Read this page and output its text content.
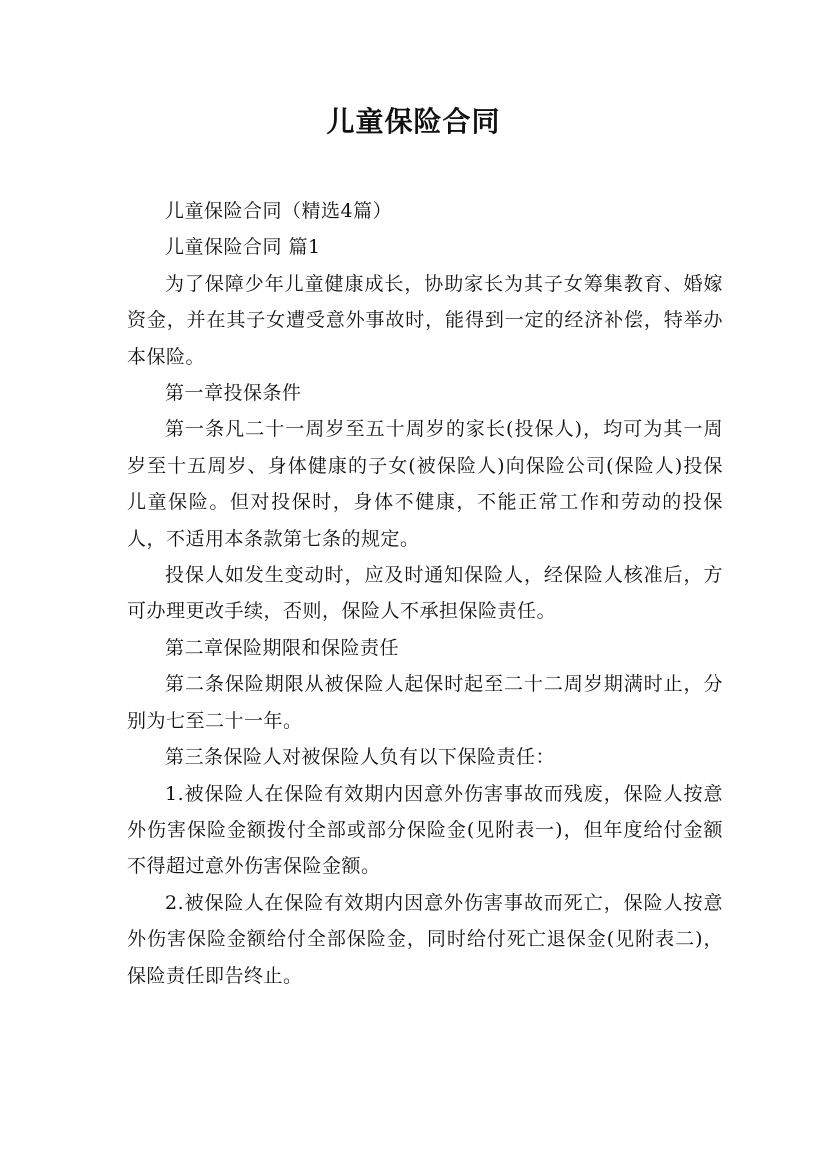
儿童保险合同

儿童保险合同（精选4篇）

儿童保险合同 篇1

为了保障少年儿童健康成长，协助家长为其子女筹集教育、婚嫁资金，并在其子女遭受意外事故时，能得到一定的经济补偿，特举办本保险。

第一章投保条件

第一条凡二十一周岁至五十周岁的家长(投保人)，均可为其一周岁至十五周岁、身体健康的子女(被保险人)向保险公司(保险人)投保儿童保险。但对投保时，身体不健康，不能正常工作和劳动的投保人，不适用本条款第七条的规定。

投保人如发生变动时，应及时通知保险人，经保险人核准后，方可办理更改手续，否则，保险人不承担保险责任。

第二章保险期限和保险责任

第二条保险期限从被保险人起保时起至二十二周岁期满时止，分别为七至二十一年。

第三条保险人对被保险人负有以下保险责任：

1.被保险人在保险有效期内因意外伤害事故而残废，保险人按意外伤害保险金额拨付全部或部分保险金(见附表一)，但年度给付金额不得超过意外伤害保险金额。

2.被保险人在保险有效期内因意外伤害事故而死亡，保险人按意外伤害保险金额给付全部保险金，同时给付死亡退保金(见附表二)，保险责任即告终止。
